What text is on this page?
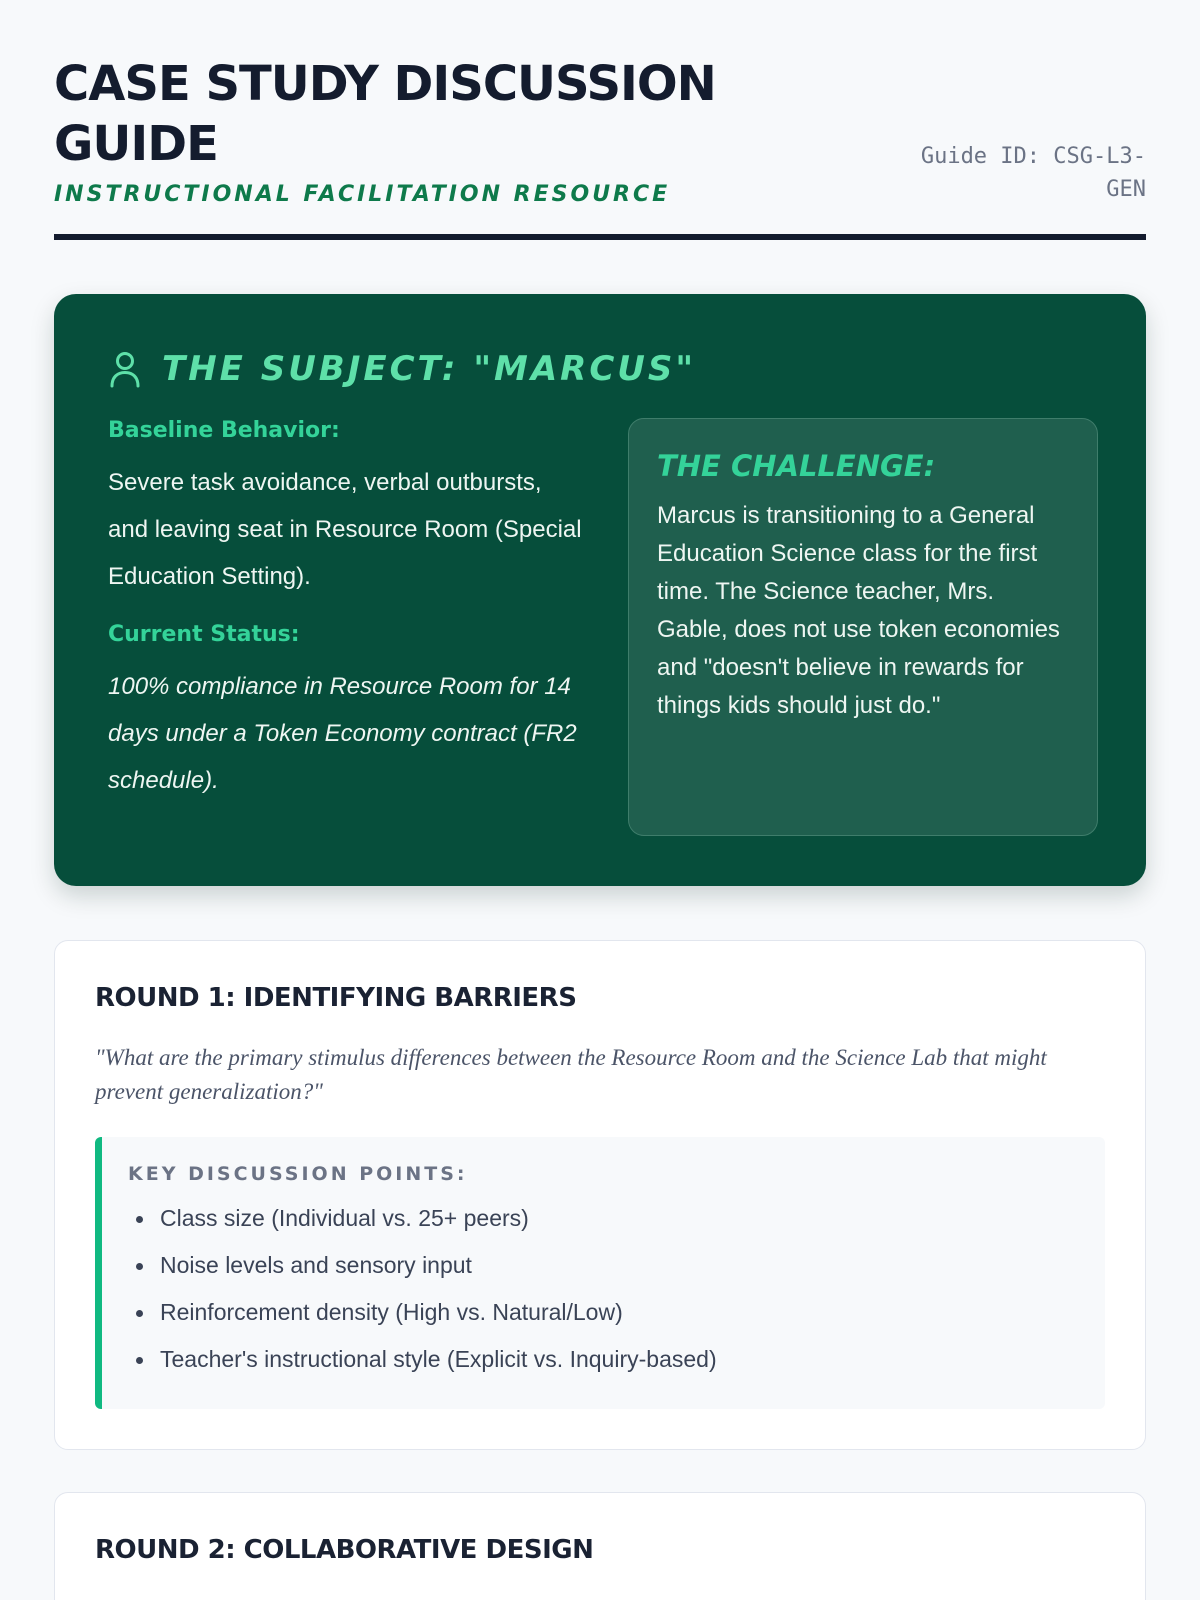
CASE STUDY DISCUSSION GUIDE
INSTRUCTIONAL FACILITATION RESOURCE
Guide ID: CSG-L3-GEN
THE SUBJECT: "MARCUS"
Baseline Behavior:

Severe task avoidance, verbal outbursts, and leaving seat in Resource Room (Special Education Setting).

Current Status:

100% compliance in Resource Room for 14 days under a Token Economy contract (FR2 schedule).

THE CHALLENGE:

Marcus is transitioning to a General Education Science class for the first time. The Science teacher, Mrs. Gable, does not use token economies and "doesn't believe in rewards for things kids should just do."

ROUND 1: IDENTIFYING BARRIERS

"What are the primary stimulus differences between the Resource Room and the Science Lab that might prevent generalization?"

KEY DISCUSSION POINTS:
Class size (Individual vs. 25+ peers)
Noise levels and sensory input
Reinforcement density (High vs. Natural/Low)
Teacher's instructional style (Explicit vs. Inquiry-based)
ROUND 2: COLLABORATIVE DESIGN
